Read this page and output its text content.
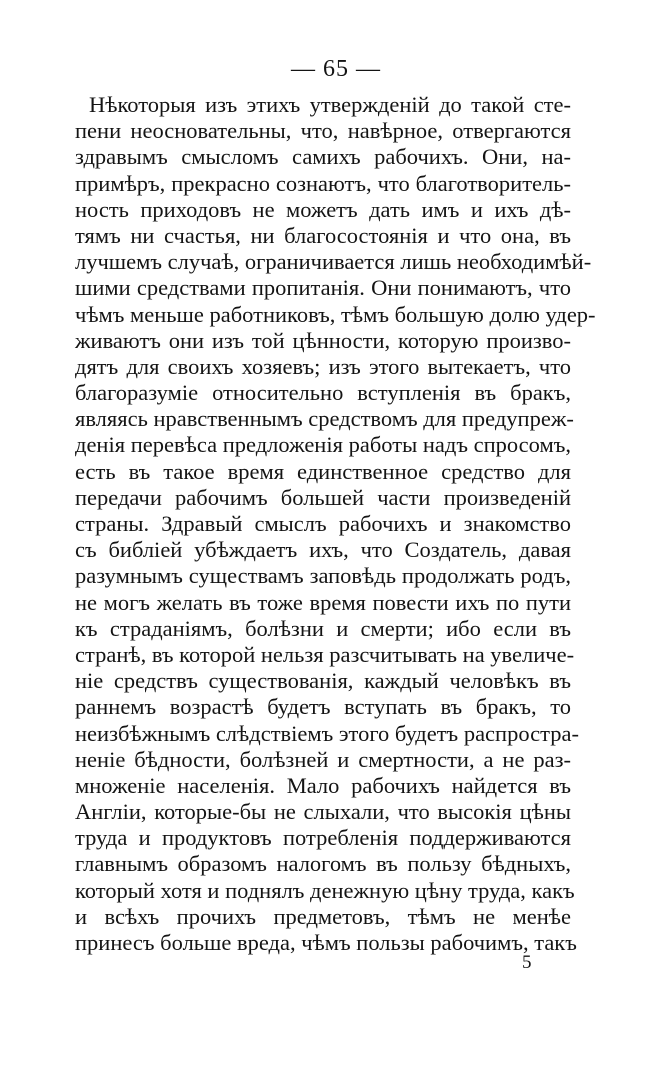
— 65 —
Нѣкоторыя изъ этихъ утвержденій до такой сте-
пени неосновательны, что, навѣрное, отвергаются
здравымъ смысломъ самихъ рабочихъ. Они, на-
примѣръ, прекрасно сознаютъ, что благотворитель-
ность приходовъ не можетъ дать имъ и ихъ дѣ-
тямъ ни счастья, ни благосостоянія и что она, въ
лучшемъ случаѣ, ограничивается лишь необходимѣй-
шими средствами пропитанія. Они понимаютъ, что
чѣмъ меньше работниковъ, тѣмъ большую долю удер-
живаютъ они изъ той цѣнности, которую произво-
дятъ для своихъ хозяевъ; изъ этого вытекаетъ, что
благоразуміе относительно вступленія въ бракъ,
являясь нравственнымъ средствомъ для предупреж-
денія перевѣса предложенія работы надъ спросомъ,
есть въ такое время единственное средство для
передачи рабочимъ большей части произведеній
страны. Здравый смыслъ рабочихъ и знакомство
съ библіей убѣждаетъ ихъ, что Создатель, давая
разумнымъ существамъ заповѣдь продолжать родъ,
не могъ желать въ тоже время повести ихъ по пути
къ страданіямъ, болѣзни и смерти; ибо если въ
странѣ, въ которой нельзя разсчитывать на увеличе-
ніе средствъ существованія, каждый человѣкъ въ
раннемъ возрастѣ будетъ вступать въ бракъ, то
неизбѣжнымъ слѣдствіемъ этого будетъ распростра-
неніе бѣдности, болѣзней и смертности, а не раз-
множеніе населенія. Мало рабочихъ найдется въ
Англіи, которые-бы не слыхали, что высокія цѣны
труда и продуктовъ потребленія поддерживаются
главнымъ образомъ налогомъ въ пользу бѣдныхъ,
который хотя и поднялъ денежную цѣну труда, какъ
и всѣхъ прочихъ предметовъ, тѣмъ не менѣе
принесъ больше вреда, чѣмъ пользы рабочимъ, такъ
5
